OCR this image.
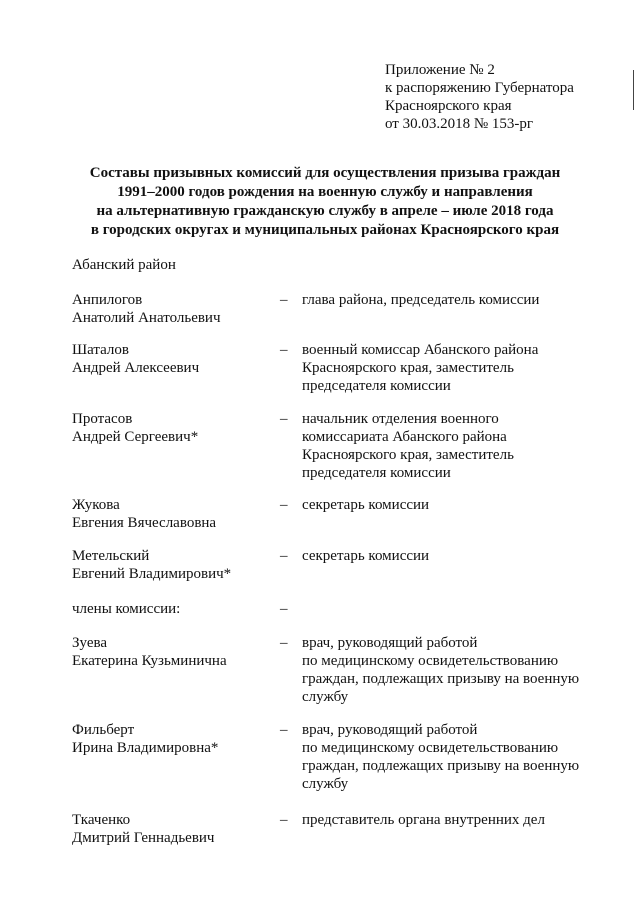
Приложение № 2
к распоряжению Губернатора
Красноярского края
от 30.03.2018 № 153-рг
Составы призывных комиссий для осуществления призыва граждан
1991–2000 годов рождения на военную службу и направления
на альтернативную гражданскую службу в апреле – июле 2018 года
в городских округах и муниципальных районах Красноярского края
Абанский район
Анпилогов
Анатолий Анатольевич
– глава района, председатель комиссии
Шаталов
Андрей Алексеевич
– военный комиссар Абанского района
Красноярского края, заместитель
председателя комиссии
Протасов
Андрей Сергеевич*
– начальник отделения военного
комиссариата Абанского района
Красноярского края, заместитель
председателя комиссии
Жукова
Евгения Вячеславовна
– секретарь комиссии
Метельский
Евгений Владимирович*
– секретарь комиссии
члены комиссии:	–
Зуева
Екатерина Кузьминична
– врач, руководящий работой
по медицинскому освидетельствованию
граждан, подлежащих призыву на военную
службу
Фильберт
Ирина Владимировна*
– врач, руководящий работой
по медицинскому освидетельствованию
граждан, подлежащих призыву на военную
службу
Ткаченко
Дмитрий Геннадьевич
– представитель органа внутренних дел
